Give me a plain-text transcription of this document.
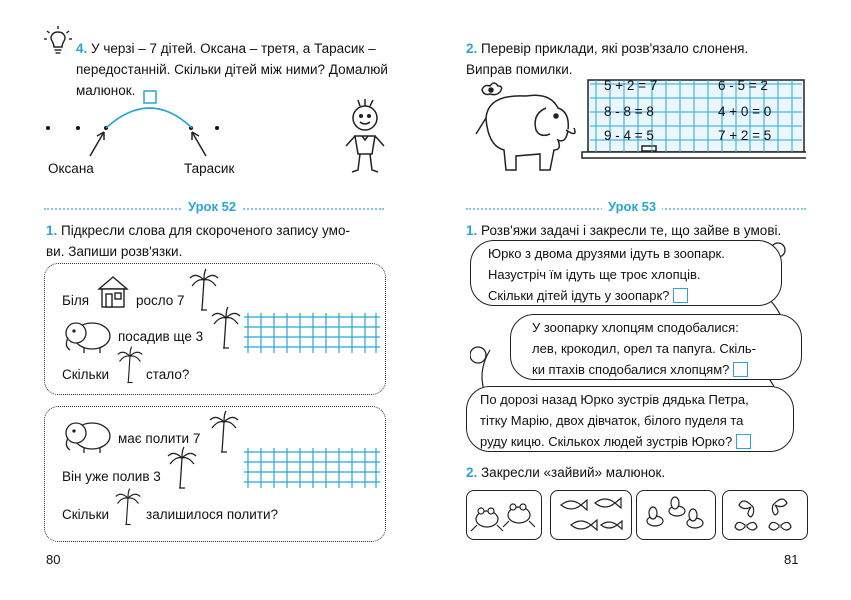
4. У черзі – 7 дітей. Оксана – третя, а Тарасик –
передостанній. Скільки дітей між ними? Домалюй
малюнок.
Оксана	Тарасик
Урок 52
1. Підкресли слова для скороченого запису умо-
ви. Запиши розв'язки.
Біля	росло 7
посадив ще 3
Скільки	стало?
має полити 7
Він уже полив 3
Скільки	залишилося полити?
80
2. Перевір приклади, які розв'язало слоненя.
Виправ помилки.
5 + 2 = 7	6 - 5 = 2
8 - 8 = 8	4 + 0 = 0
9 - 4 = 5	7 + 2 = 5
Урок 53
1. Розв'яжи задачі і закресли те, що зайве в умові.
Юрко з двома друзями ідуть в зоопарк.
Назустріч їм ідуть ще троє хлопців.
Скільки дітей ідуть у зоопарк?
У зоопарку хлопцям сподобалися:
лев, крокодил, орел та папуга. Скіль-
ки птахів сподобалися хлопцям?
По дорозі назад Юрко зустрів дядька Петра,
тітку Марію, двох дівчаток, білого пуделя та
руду кицю. Скількох людей зустрів Юрко?
2. Закресли «зайвий» малюнок.
81
